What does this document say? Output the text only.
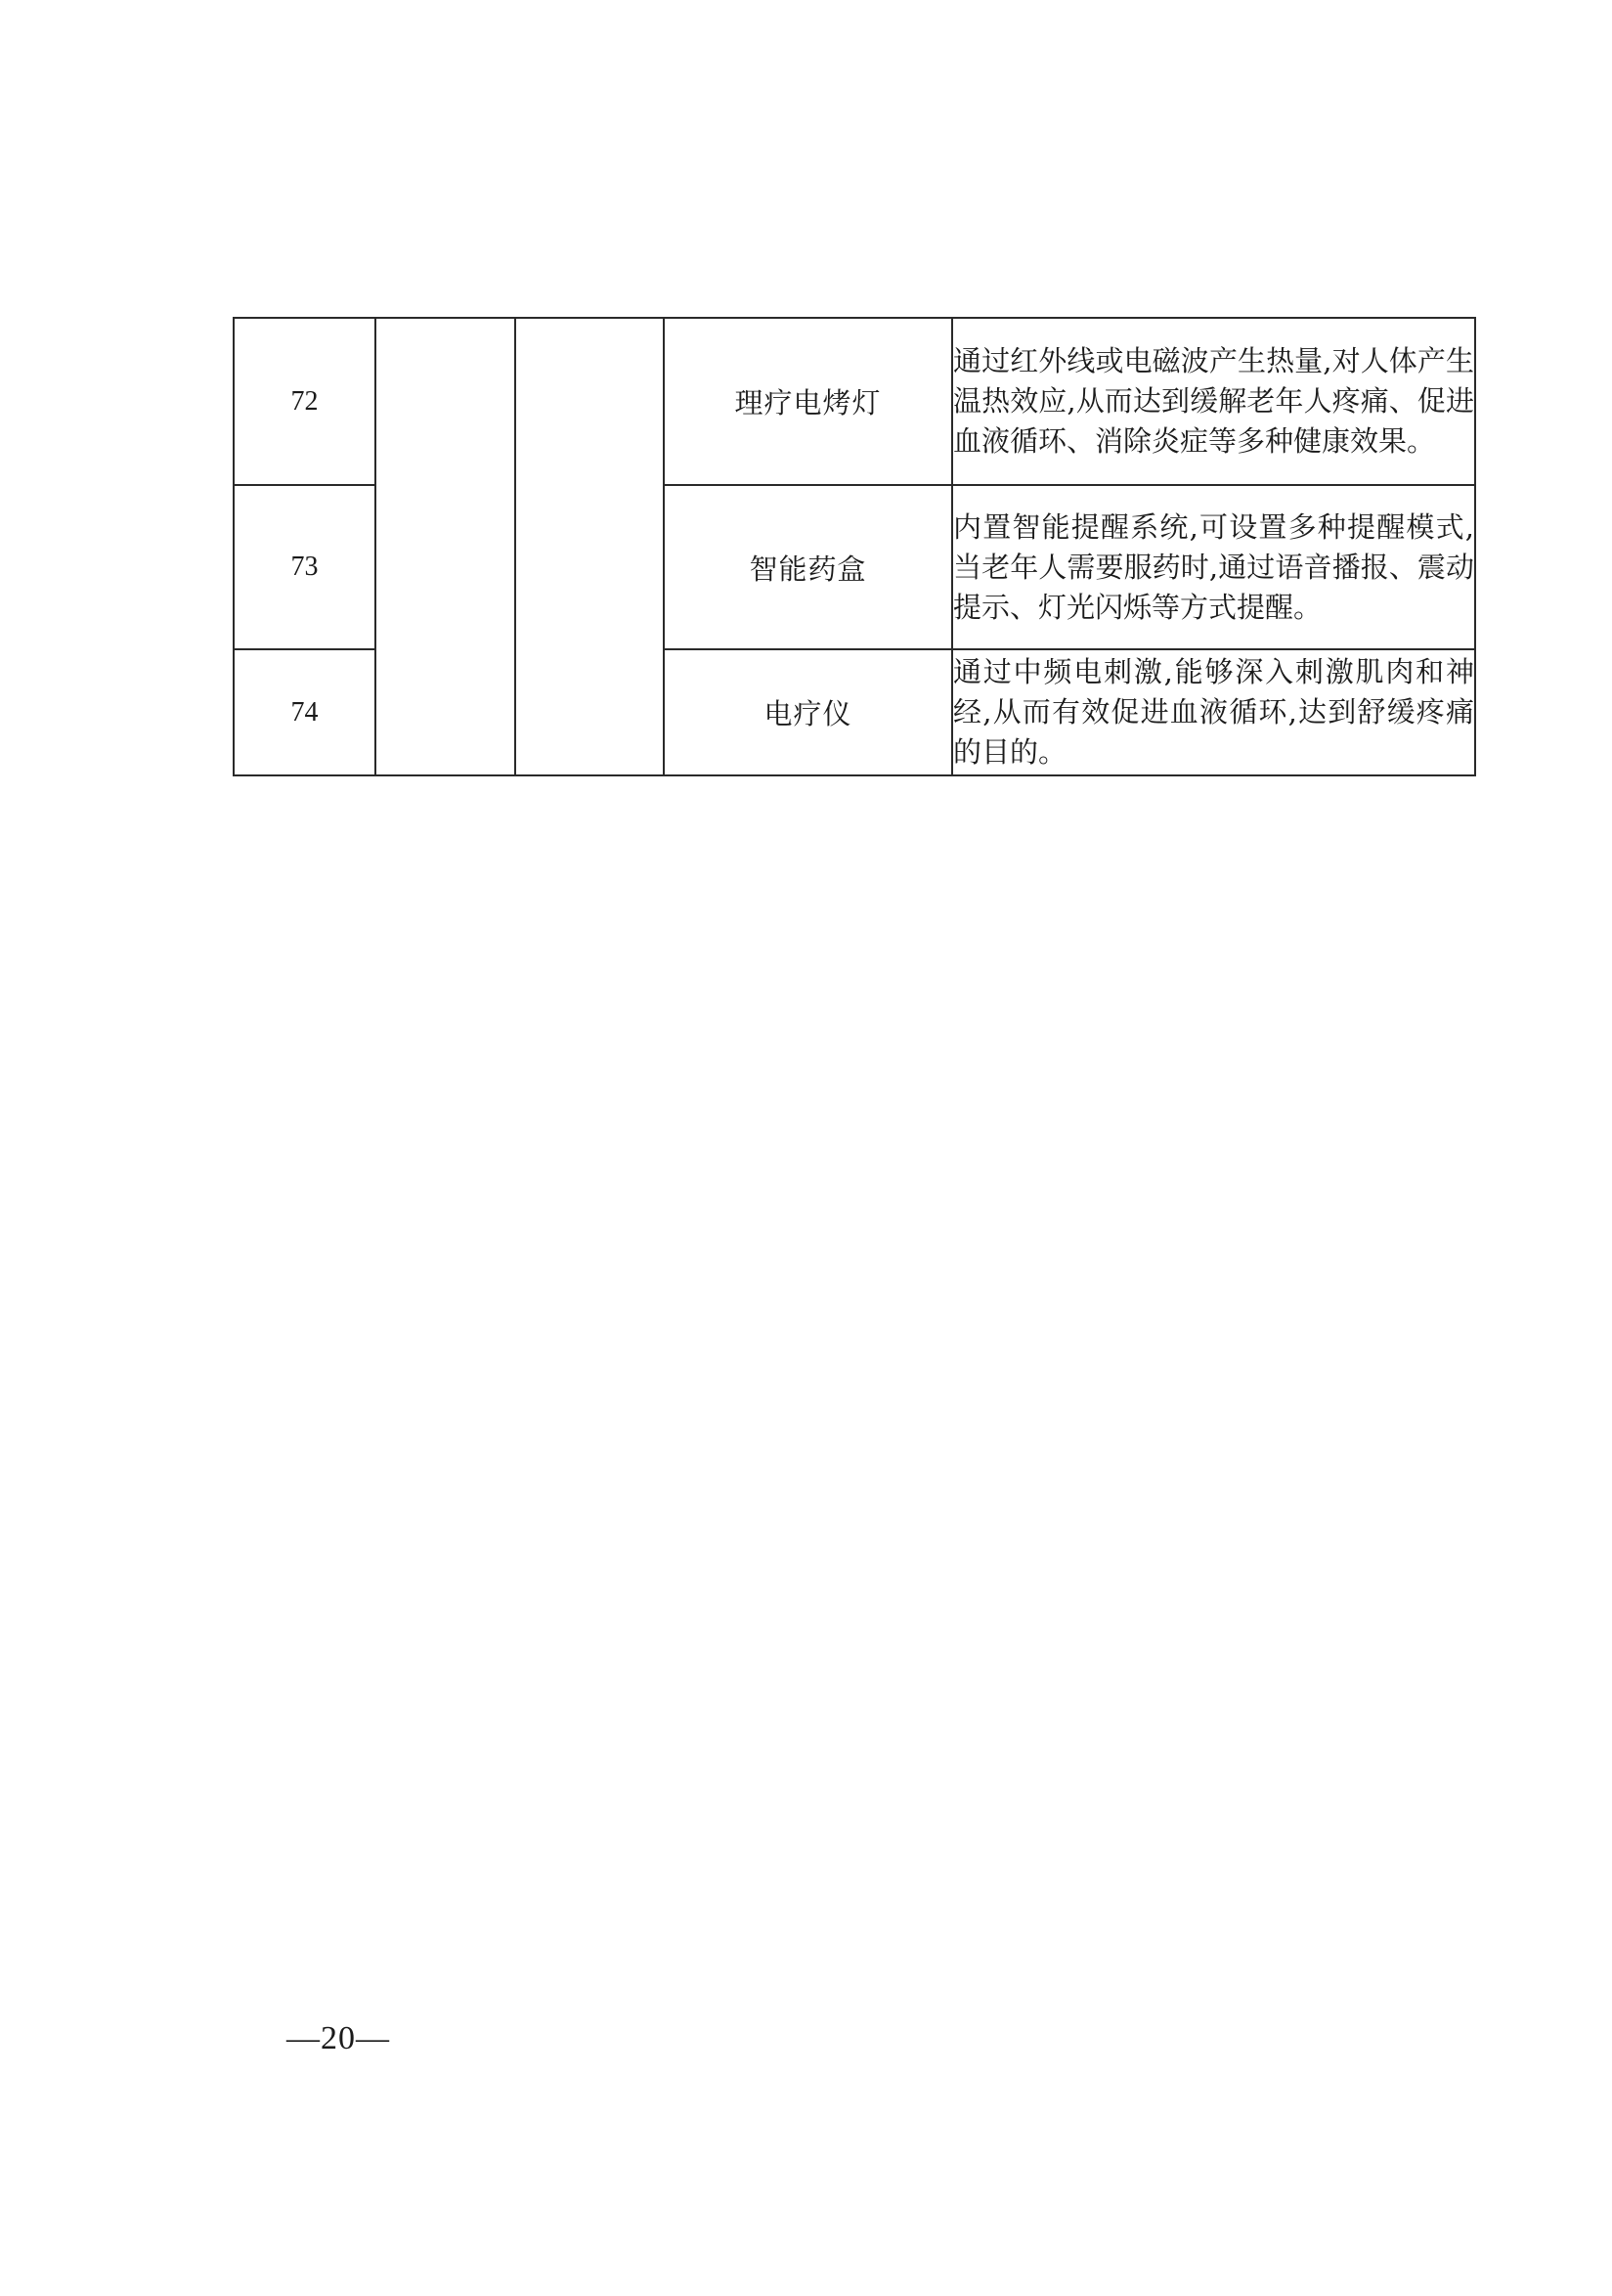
72			理疗电烤灯	通过红外线或电磁波产生热量,对人体产生温热效应,从而达到缓解老年人疼痛、促进血液循环、消除炎症等多种健康效果。
73			智能药盒	内置智能提醒系统,可设置多种提醒模式,当老年人需要服药时,通过语音播报、震动提示、灯光闪烁等方式提醒。
74			电疗仪	通过中频电刺激,能够深入刺激肌肉和神经,从而有效促进血液循环,达到舒缓疼痛的目的。
—20—
